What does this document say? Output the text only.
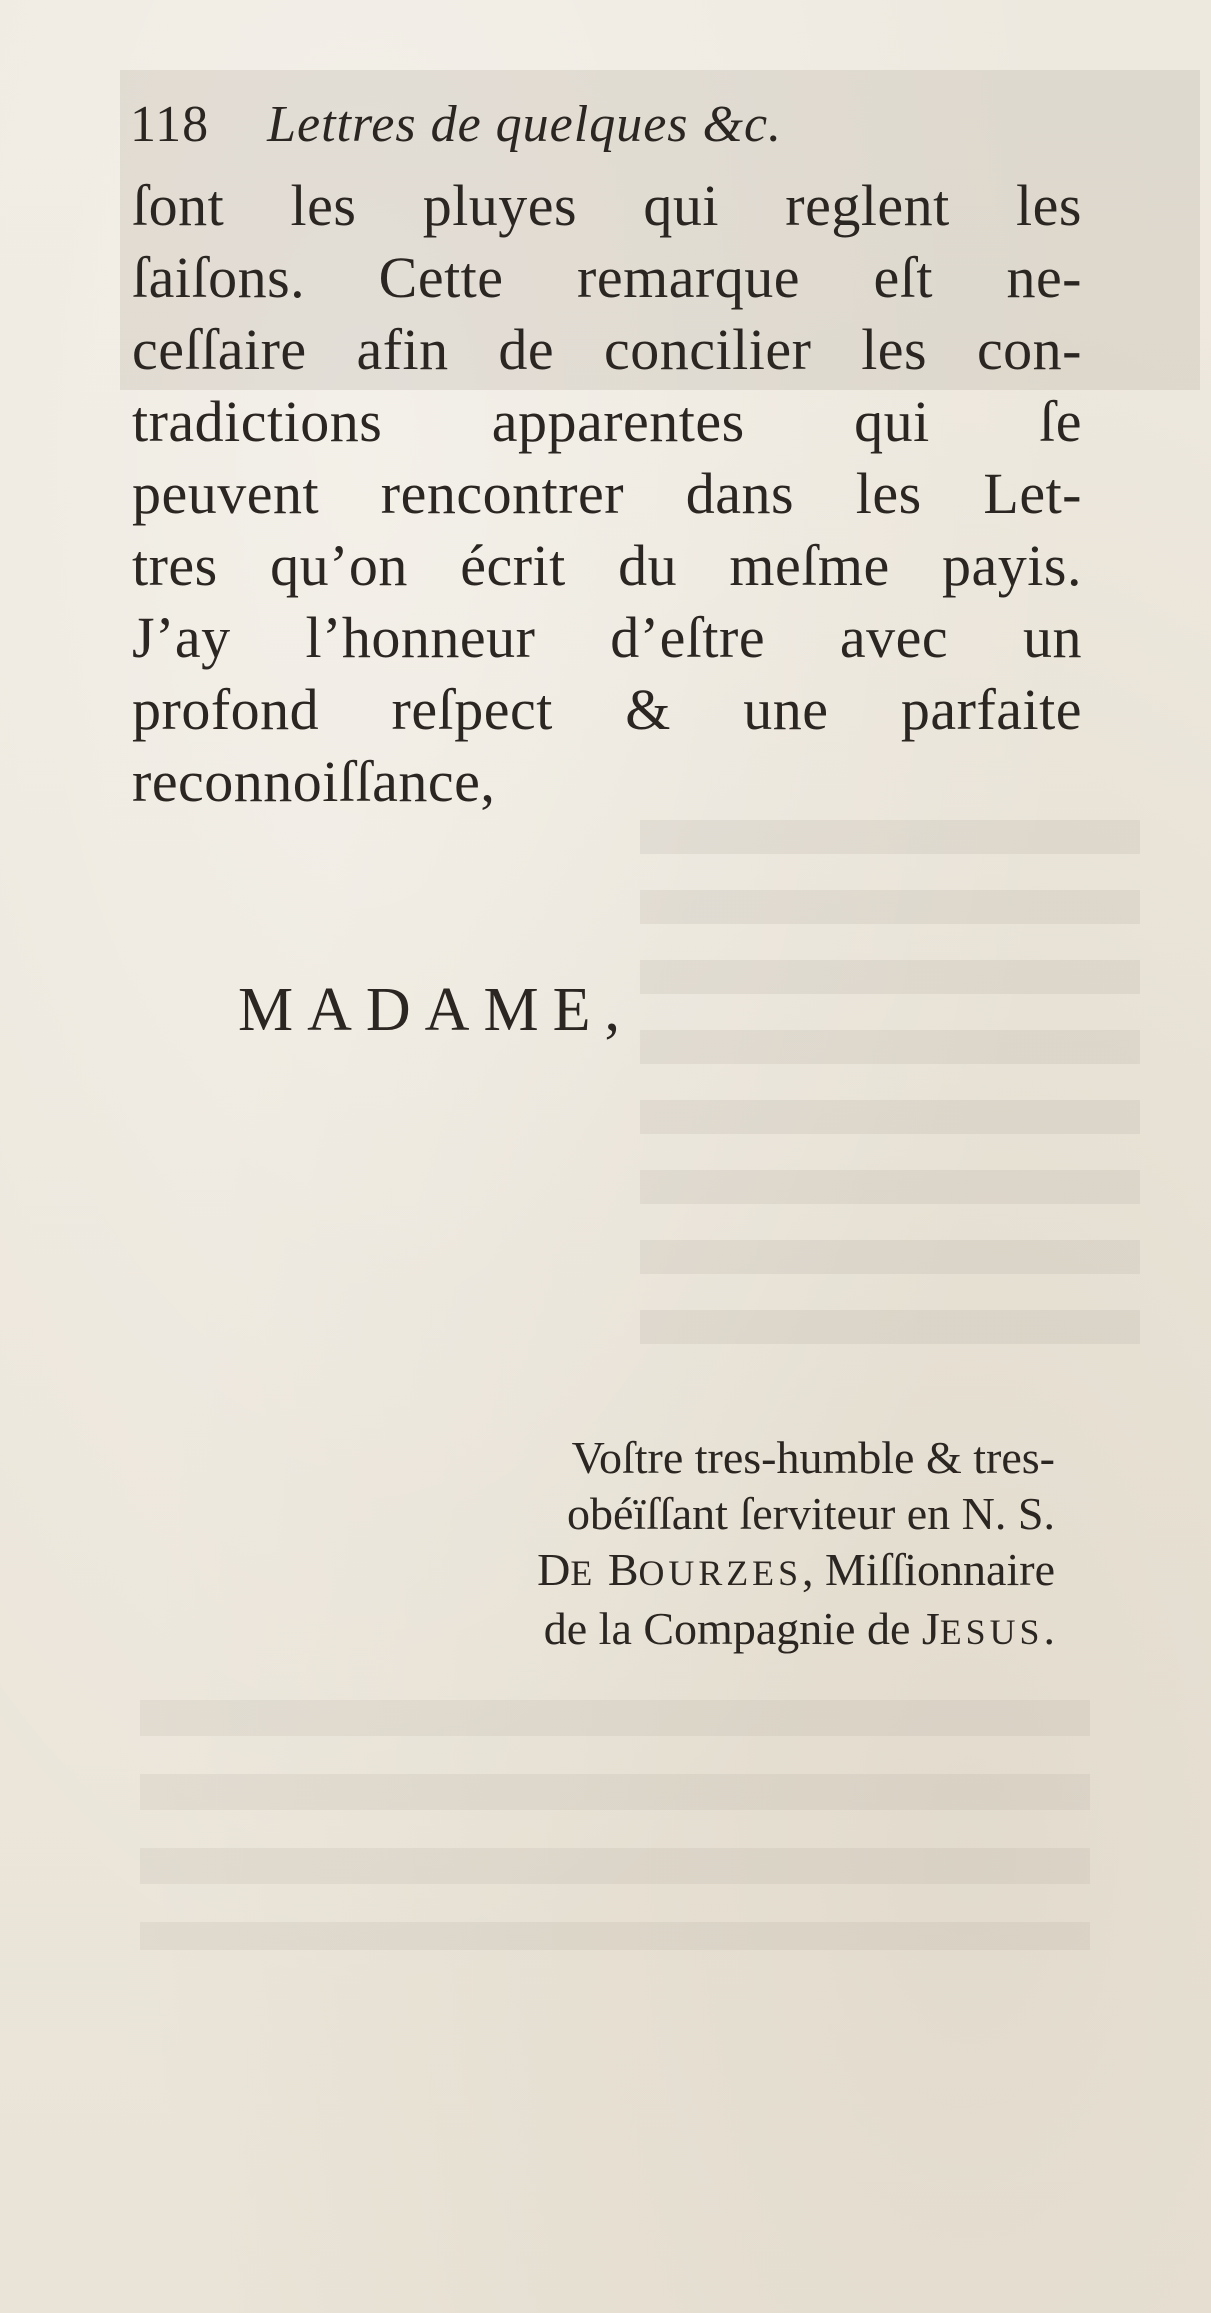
118 Lettres de quelques &c.
ſont les pluyes qui reglent les
ſaiſons. Cette remarque eſt ne-
ceſſaire afin de concilier les con-
tradictions apparentes qui ſe
peuvent rencontrer dans les Let-
tres qu’on écrit du meſme payis.
J’ay l’honneur d’eſtre avec un
profond reſpect & une parfaite
reconnoiſſance,
MADAME,
Voſtre tres-humble & tres-
obéïſſant ſerviteur en N. S.
DE BOURZES, Miſſionnaire
de la Compagnie de JESUS.
